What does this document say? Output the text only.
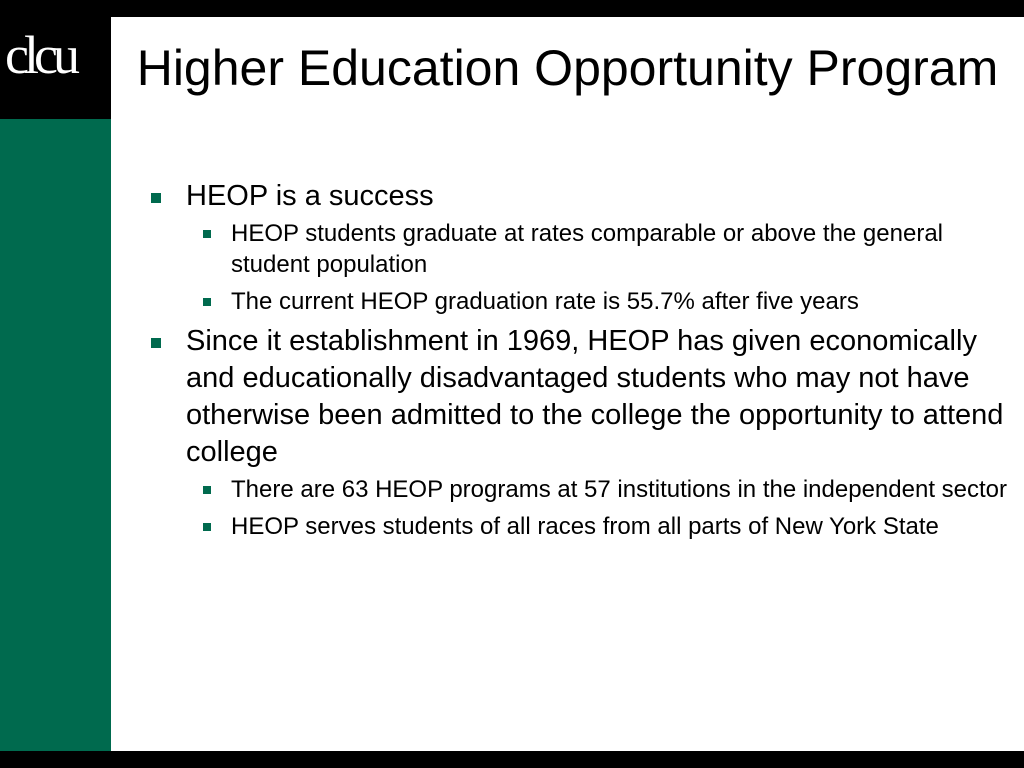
clcu	Higher Education Opportunity Program
HEOP is a success
HEOP students graduate at rates comparable or above the general student population
The current HEOP graduation rate is 55.7% after five years
Since it establishment in 1969, HEOP has given economically and educationally disadvantaged students who may not have otherwise been admitted to the college the opportunity to attend college
There are 63 HEOP programs at 57 institutions in the independent sector
HEOP serves students of all races from all parts of New York State
